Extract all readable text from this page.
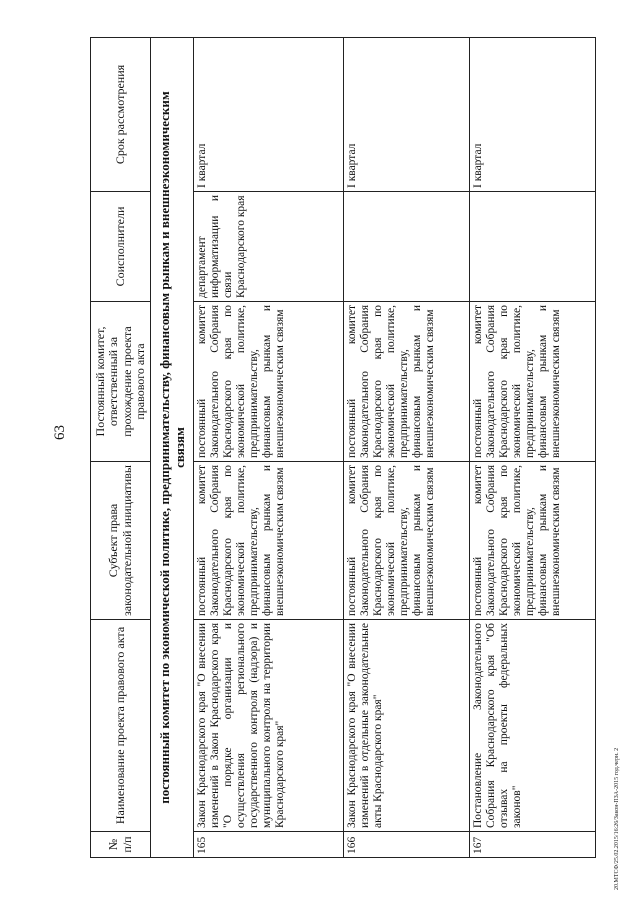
63
20.МТСФ/25.02.2015/16:26/Закон-ПЗА-2015 год.черн. 2
№ п/п	Наименование проекта правового акта	Субъект права законодательной инициативы	Постоянный комитет, ответственный за прохождение проекта правового акта	Соисполнители	Срок рассмотрения
постоянный комитет по экономической политике, предпринимательству, финансовым рынкам и внешнеэкономическим связям					
165	Закон Краснодарского края "О внесении изменений в Закон Краснодарского края "О порядке организации и осуществления регионального государственного контроля (надзора) и муниципального контроля на территории Краснодарского края"	постоянный комитет Законодательного Собрания Краснодарского края по экономической политике, предпринимательству, финансовым рынкам и внешнеэкономическим связям	постоянный комитет Законодательного Собрания Краснодарского края по экономической политике, предпринимательству, финансовым рынкам и внешнеэкономическим связям	департамент информатизации и связи Краснодарского края	I квартал
166	Закон Краснодарского края "О внесении изменений в отдельные законодательные акты Краснодарского края"	постоянный комитет Законодательного Собрания Краснодарского края по экономической политике, предпринимательству, финансовым рынкам и внешнеэкономическим связям	постоянный комитет Законодательного Собрания Краснодарского края по экономической политике, предпринимательству, финансовым рынкам и внешнеэкономическим связям		I квартал
167	Постановление Законодательного Собрания Краснодарского края "Об отзывах на проекты федеральных законов"	постоянный комитет Законодательного Собрания Краснодарского края по экономической политике, предпринимательству, финансовым рынкам и внешнеэкономическим связям	постоянный комитет Законодательного Собрания Краснодарского края по экономической политике, предпринимательству, финансовым рынкам и внешнеэкономическим связям		I квартал
